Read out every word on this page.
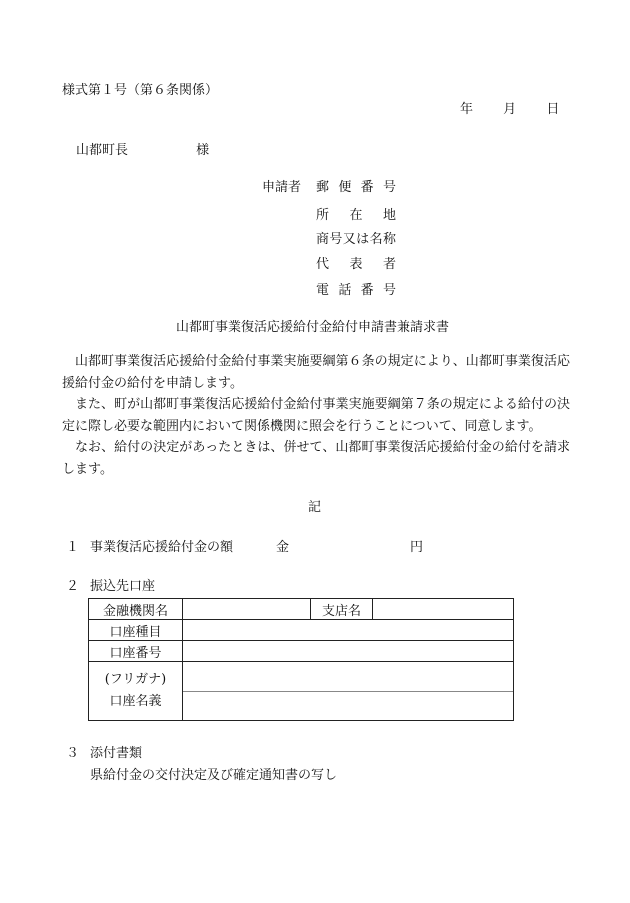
様式第１号（第６条関係）
年 月 日
山都町長	様
申請者 郵 便 番 号
所 在 地
商 号 又 は 名 称
代 表 者
電 話 番 号
山都町事業復活応援給付金給付申請書兼請求書

山都町事業復活応援給付金給付事業実施要綱第６条の規定により、山都町事業復活応援給付金の給付を申請します。

また、町が山都町事業復活応援給付金給付事業実施要綱第７条の規定による給付の決定に際し必要な範囲内において関係機関に照会を行うことについて、同意します。

なお、給付の決定があったときは、併せて、山都町事業復活応援給付金の給付を請求します。

記
１ 事業復活応援給付金の額	金	円
２ 振込先口座
金融機関名		支店名	
口座種目			
口座番号			

(フリガナ)
口座名義			

３ 添付書類
県給付金の交付決定及び確定通知書の写し
